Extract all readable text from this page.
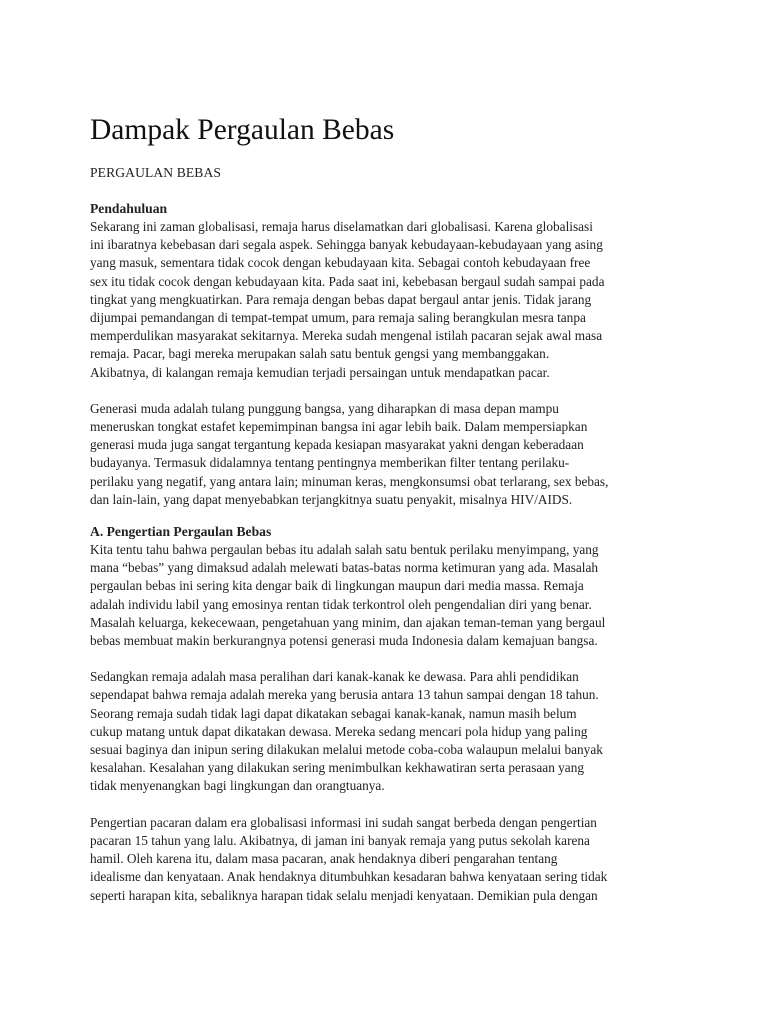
Dampak Pergaulan Bebas

PERGAULAN BEBAS

Pendahuluan

Sekarang ini zaman globalisasi, remaja harus diselamatkan dari globalisasi. Karena globalisasi
ini ibaratnya kebebasan dari segala aspek. Sehingga banyak kebudayaan-kebudayaan yang asing
yang masuk, sementara tidak cocok dengan kebudayaan kita. Sebagai contoh kebudayaan free
sex itu tidak cocok dengan kebudayaan kita. Pada saat ini, kebebasan bergaul sudah sampai pada
tingkat yang mengkuatirkan. Para remaja dengan bebas dapat bergaul antar jenis. Tidak jarang
dijumpai pemandangan di tempat-tempat umum, para remaja saling berangkulan mesra tanpa
memperdulikan masyarakat sekitarnya. Mereka sudah mengenal istilah pacaran sejak awal masa
remaja. Pacar, bagi mereka merupakan salah satu bentuk gengsi yang membanggakan.
Akibatnya, di kalangan remaja kemudian terjadi persaingan untuk mendapatkan pacar.

Generasi muda adalah tulang punggung bangsa, yang diharapkan di masa depan mampu
meneruskan tongkat estafet kepemimpinan bangsa ini agar lebih baik. Dalam mempersiapkan
generasi muda juga sangat tergantung kepada kesiapan masyarakat yakni dengan keberadaan
budayanya. Termasuk didalamnya tentang pentingnya memberikan filter tentang perilaku-
perilaku yang negatif, yang antara lain; minuman keras, mengkonsumsi obat terlarang, sex bebas,
dan lain-lain, yang dapat menyebabkan terjangkitnya suatu penyakit, misalnya HIV/AIDS.

A. Pengertian Pergaulan Bebas

Kita tentu tahu bahwa pergaulan bebas itu adalah salah satu bentuk perilaku menyimpang, yang
mana “bebas” yang dimaksud adalah melewati batas-batas norma ketimuran yang ada. Masalah
pergaulan bebas ini sering kita dengar baik di lingkungan maupun dari media massa. Remaja
adalah individu labil yang emosinya rentan tidak terkontrol oleh pengendalian diri yang benar.
Masalah keluarga, kekecewaan, pengetahuan yang minim, dan ajakan teman-teman yang bergaul
bebas membuat makin berkurangnya potensi generasi muda Indonesia dalam kemajuan bangsa.

Sedangkan remaja adalah masa peralihan dari kanak-kanak ke dewasa. Para ahli pendidikan
sependapat bahwa remaja adalah mereka yang berusia antara 13 tahun sampai dengan 18 tahun.
Seorang remaja sudah tidak lagi dapat dikatakan sebagai kanak-kanak, namun masih belum
cukup matang untuk dapat dikatakan dewasa. Mereka sedang mencari pola hidup yang paling
sesuai baginya dan inipun sering dilakukan melalui metode coba-coba walaupun melalui banyak
kesalahan. Kesalahan yang dilakukan sering menimbulkan kekhawatiran serta perasaan yang
tidak menyenangkan bagi lingkungan dan orangtuanya.

Pengertian pacaran dalam era globalisasi informasi ini sudah sangat berbeda dengan pengertian
pacaran 15 tahun yang lalu. Akibatnya, di jaman ini banyak remaja yang putus sekolah karena
hamil. Oleh karena itu, dalam masa pacaran, anak hendaknya diberi pengarahan tentang
idealisme dan kenyataan. Anak hendaknya ditumbuhkan kesadaran bahwa kenyataan sering tidak
seperti harapan kita, sebaliknya harapan tidak selalu menjadi kenyataan. Demikian pula dengan
